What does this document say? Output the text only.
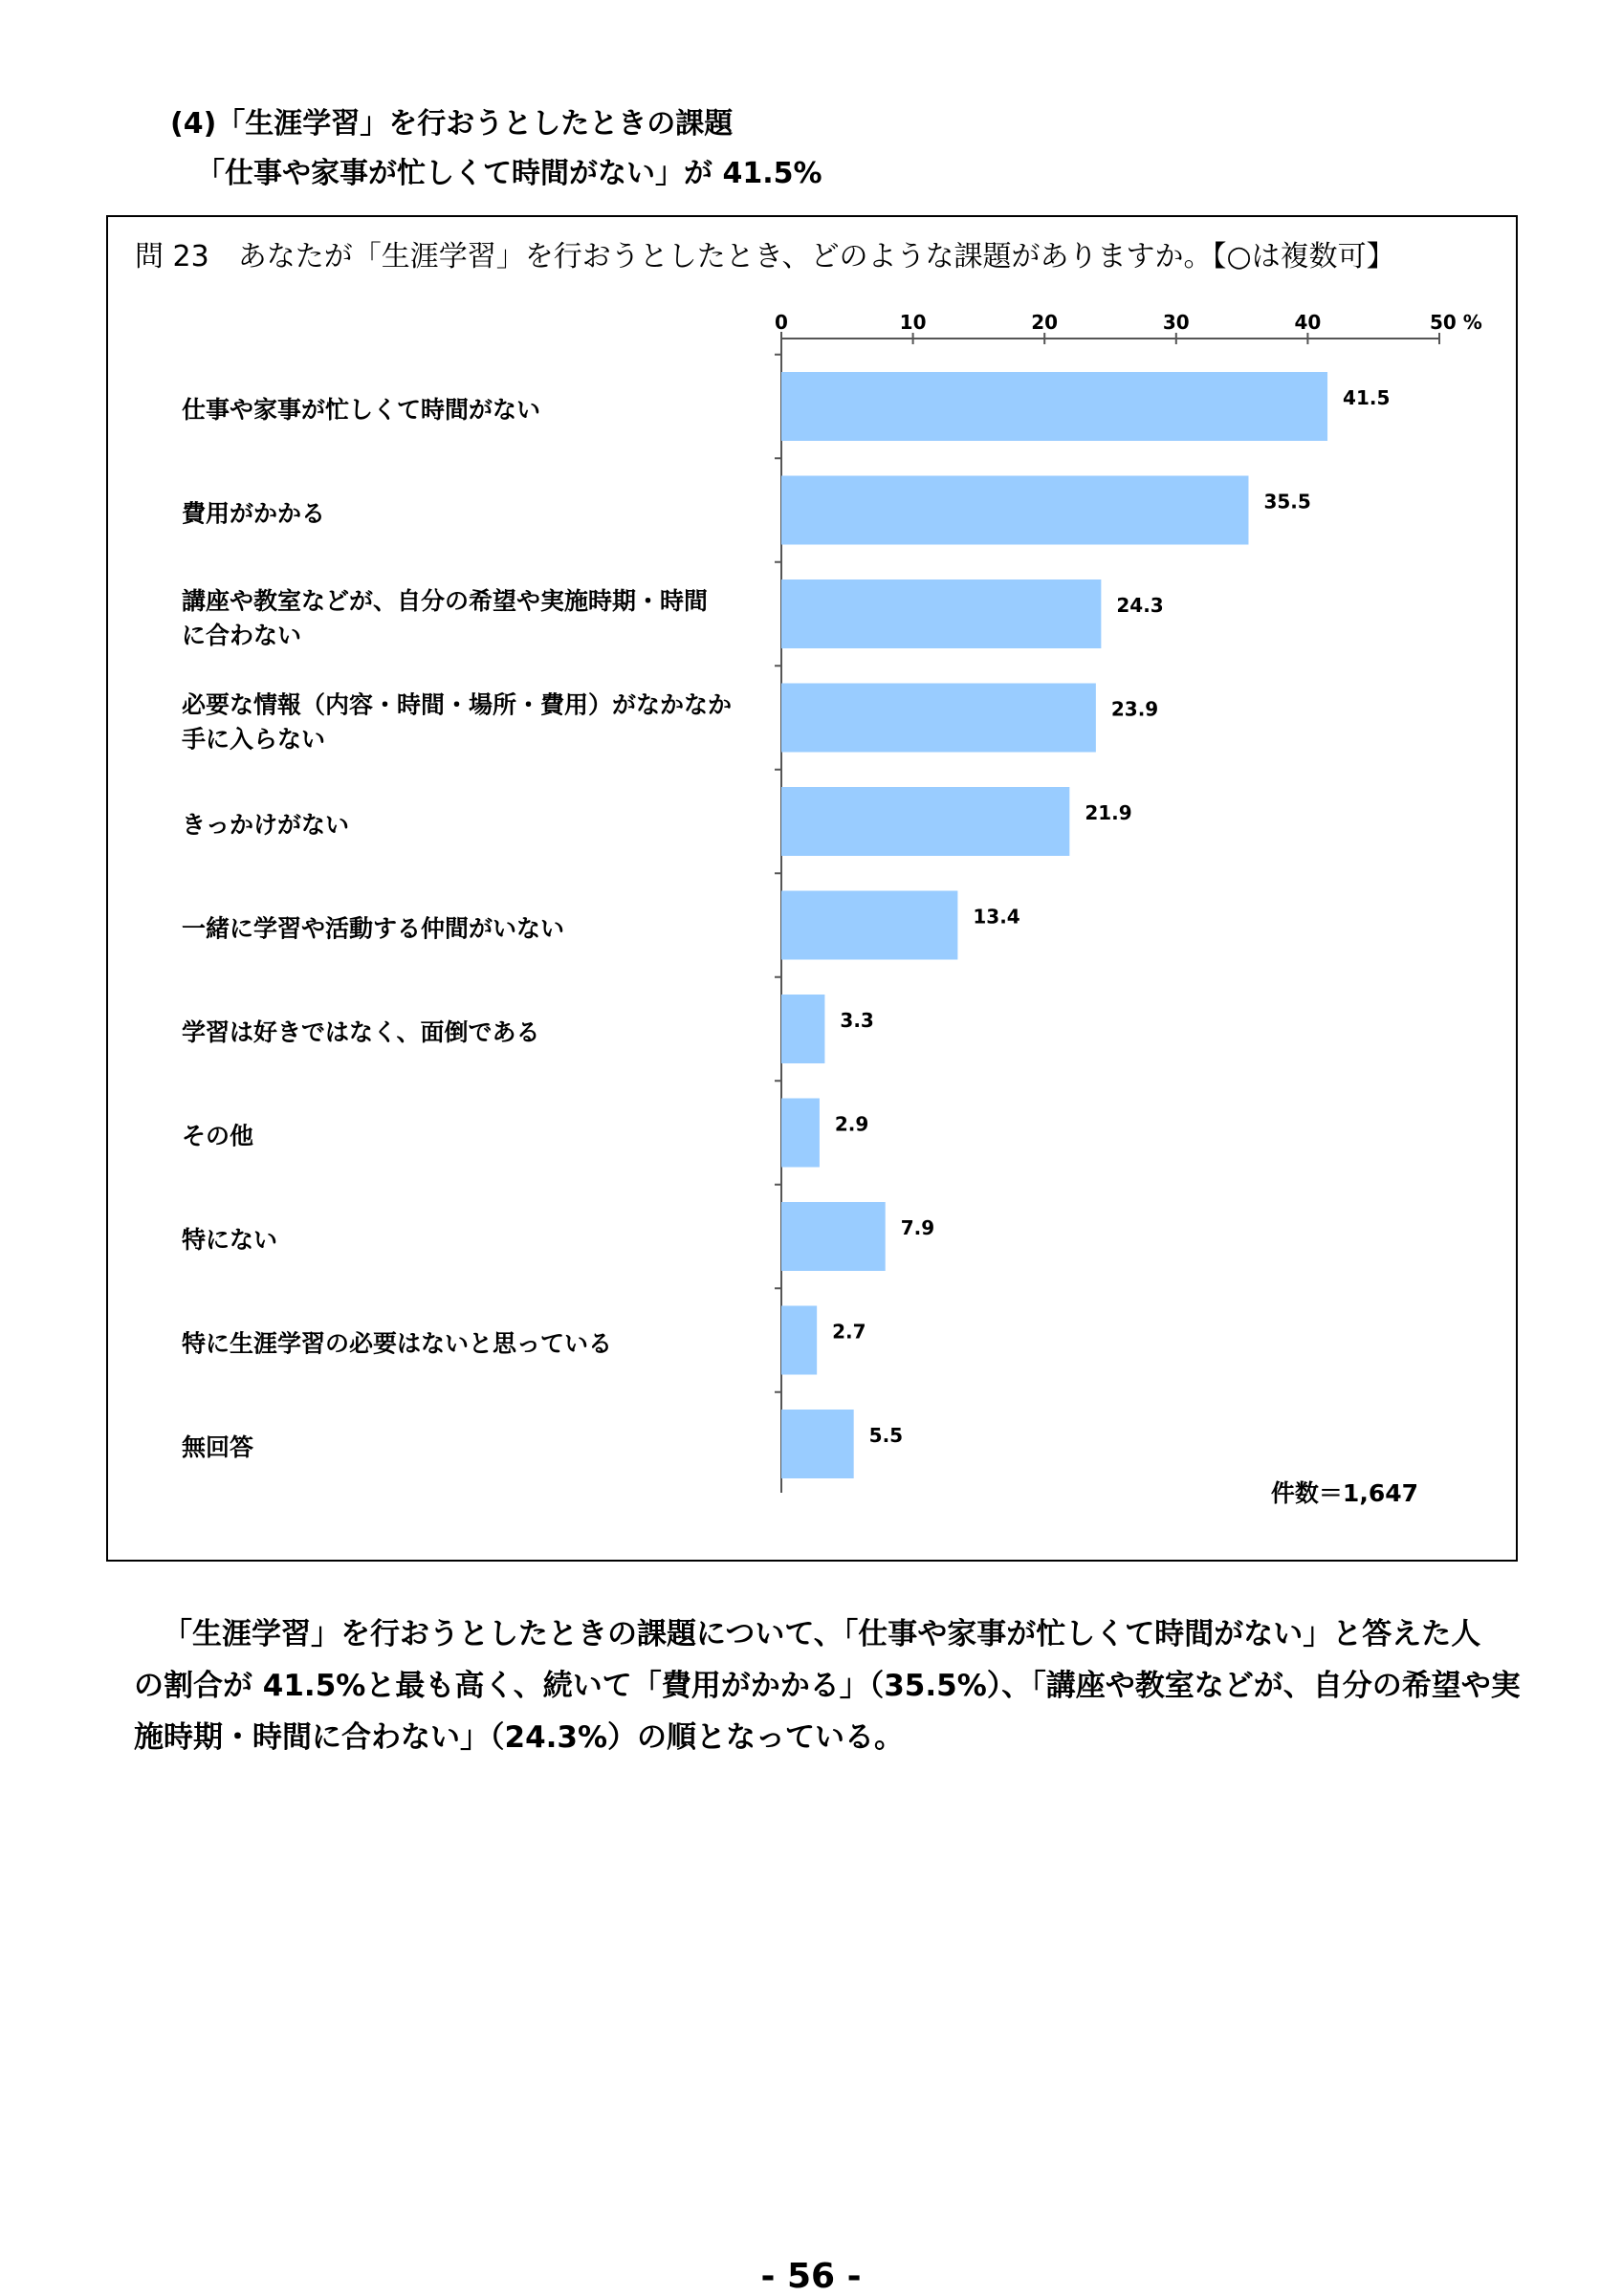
(4)「生涯学習」を行おうとしたときの課題
「仕事や家事が忙しくて時間がない」が 41.5%
問 23　あなたが「生涯学習」を行おうとしたとき、どのような課題がありますか。【○は複数可】
0	10	20	30	40	50 %
41.5
仕事や家事が忙しくて時間がない
35.5
費用がかかる
24.3
講座や教室などが、自分の希望や実施時期・時間
に合わない
23.9
必要な情報（内容・時間・場所・費用）がなかなか
手に入らない
21.9
きっかけがない
13.4
一緒に学習や活動する仲間がいない
3.3
学習は好きではなく、面倒である
2.9
その他
7.9
特にない
2.7
特に生涯学習の必要はないと思っている
5.5
無回答
件数＝1,647
「生涯学習」を行おうとしたときの課題について、「仕事や家事が忙しくて時間がない」と答えた人
の割合が 41.5%と最も高く、続いて「費用がかかる」（35.5%）、「講座や教室などが、自分の希望や実
施時期・時間に合わない」（24.3%）の順となっている。
- 56 -
